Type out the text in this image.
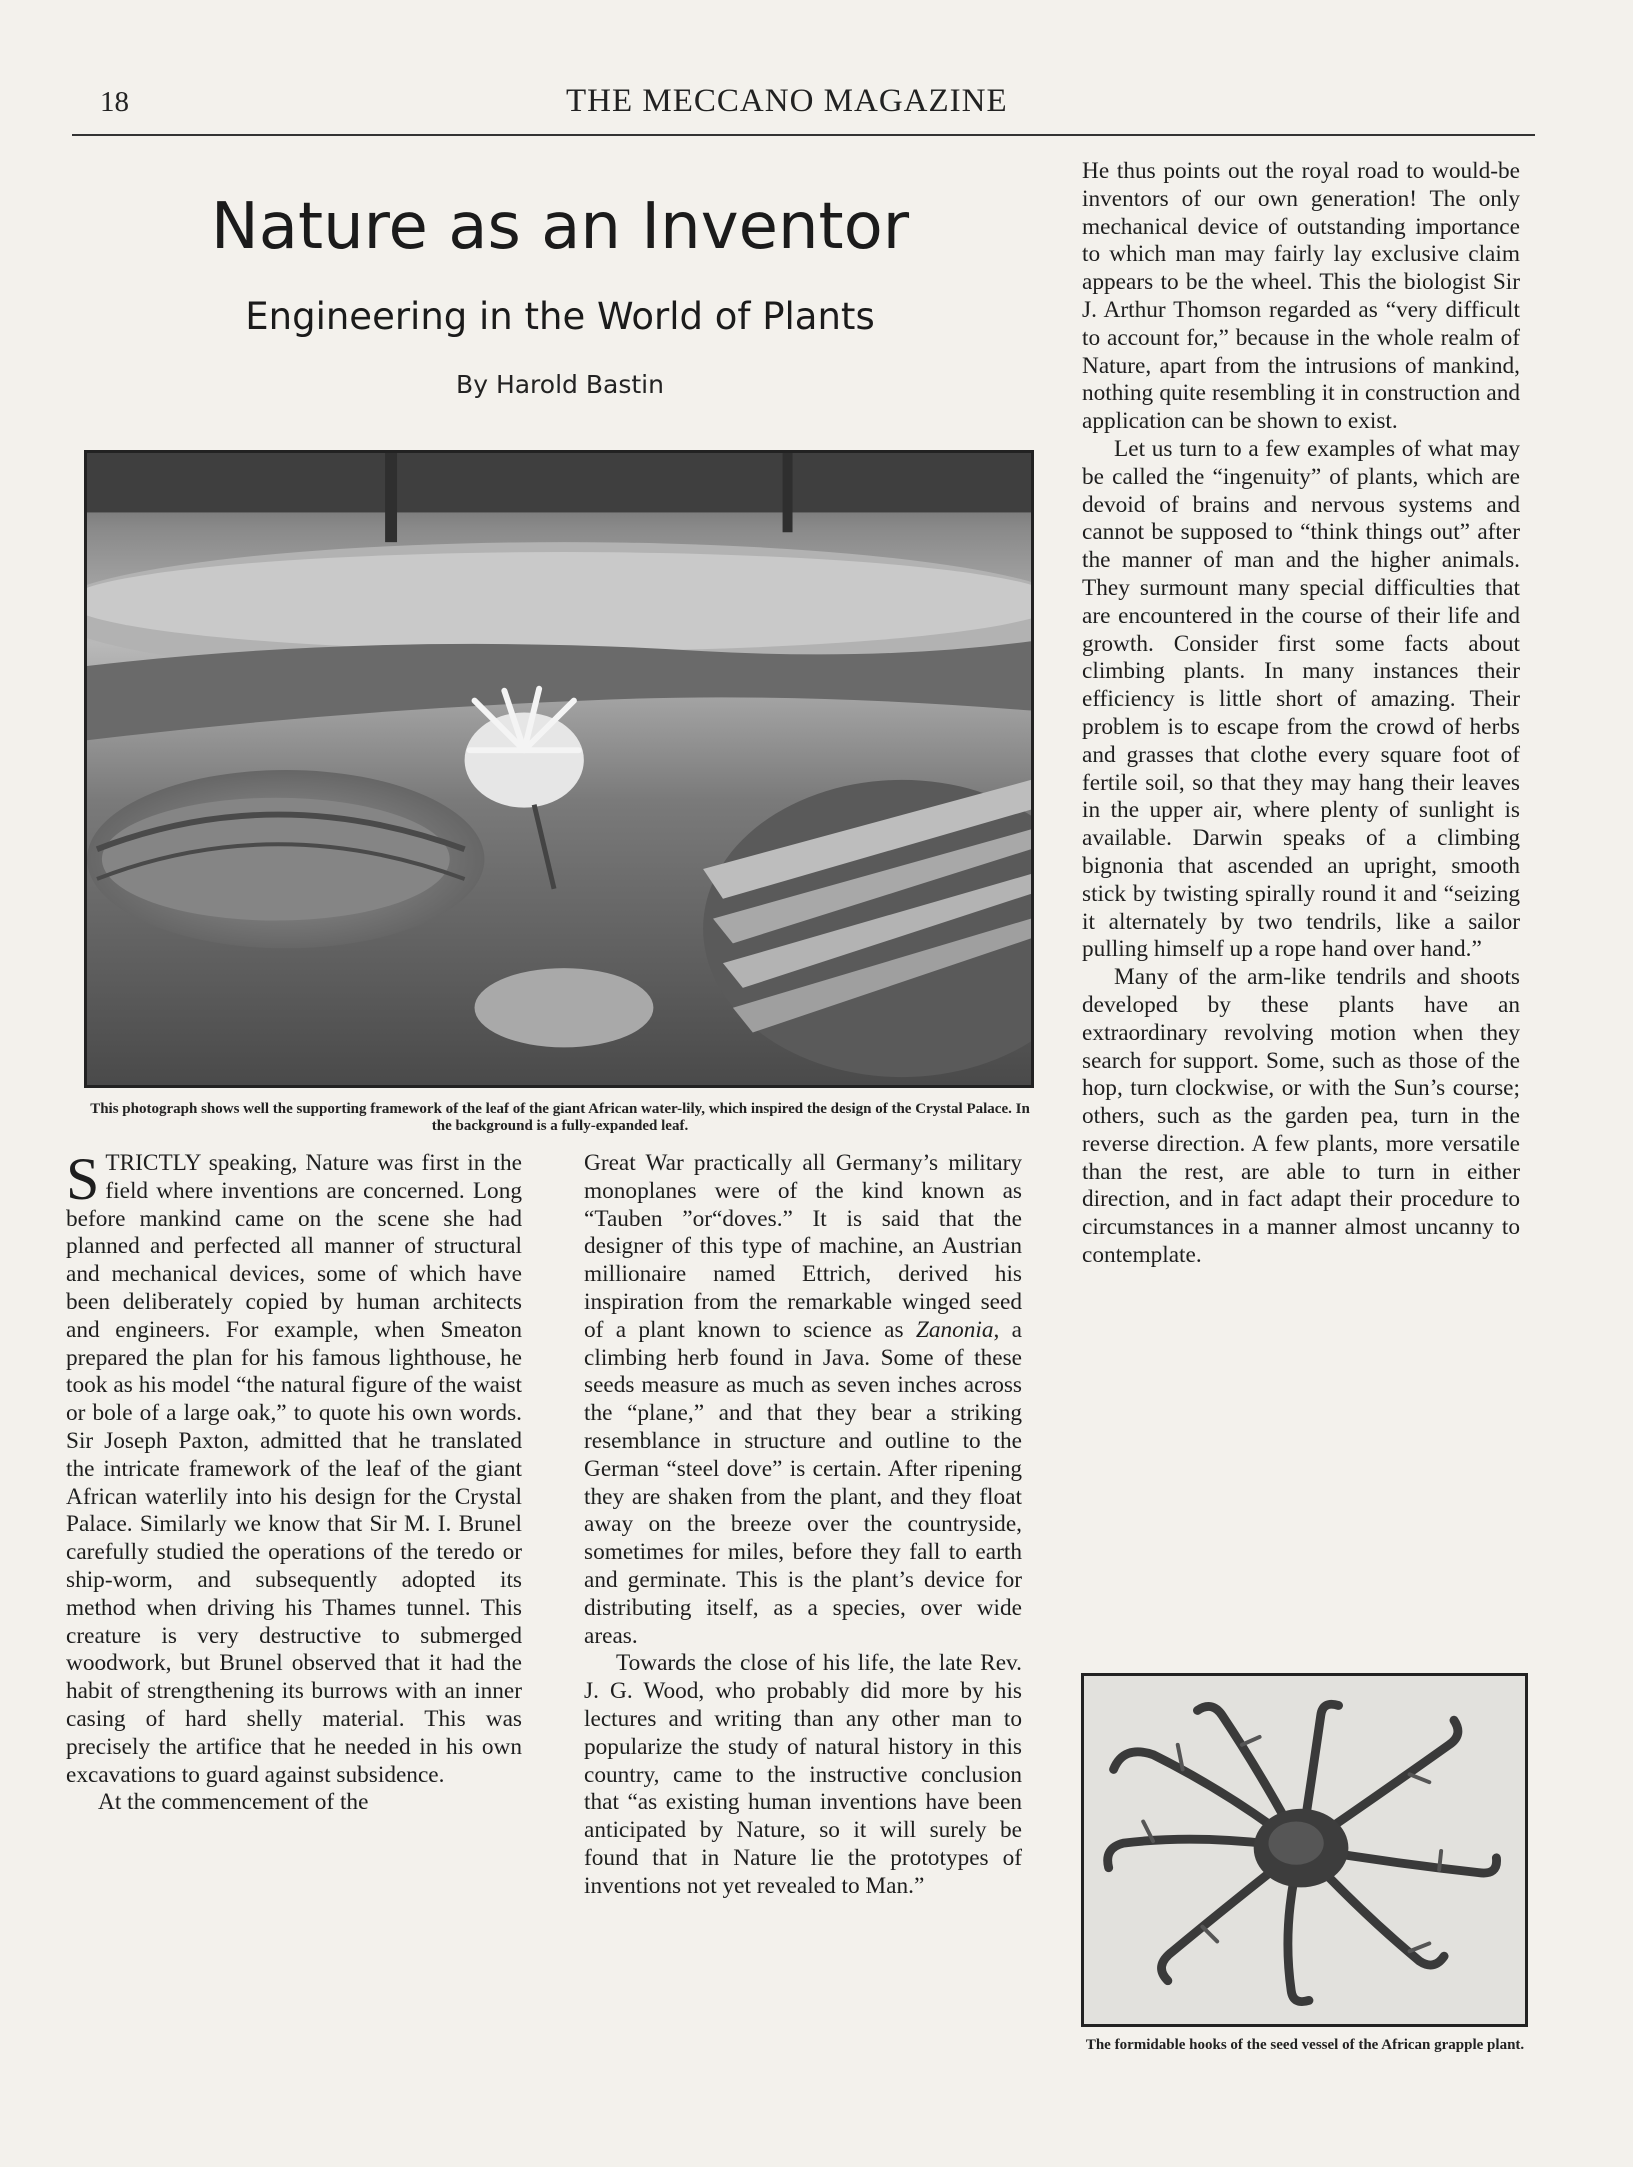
18	THE MECCANO MAGAZINE
Nature as an Inventor
Engineering in the World of Plants
By Harold Bastin
This photograph shows well the supporting framework of the leaf of the giant African water-lily, which inspired the design of the Crystal Palace. In the background is a fully-expanded leaf.

STRICTLY speaking, Nature was first in the field where inventions are concerned. Long before mankind came on the scene she had planned and perfected all manner of structural and mechanical devices, some of which have been deliberately copied by human architects and engineers. For example, when Smeaton prepared the plan for his famous lighthouse, he took as his model “the natural figure of the waist or bole of a large oak,” to quote his own words. Sir Joseph Paxton, admitted that he translated the intricate framework of the leaf of the giant African waterlily into his design for the Crystal Palace. Similarly we know that Sir M. I. Brunel carefully studied the operations of the teredo or ship-worm, and subsequently adopted its method when driving his Thames tunnel. This creature is very destructive to submerged woodwork, but Brunel observed that it had the habit of strengthening its burrows with an inner casing of hard shelly material. This was precisely the artifice that he needed in his own excavations to guard against subsidence.

At the commencement of the

Great War practically all Germany’s military monoplanes were of the kind known as “Tauben ”or“doves.” It is said that the designer of this type of machine, an Austrian millionaire named Ettrich, derived his inspiration from the remarkable winged seed of a plant known to science as Zanonia, a climbing herb found in Java. Some of these seeds measure as much as seven inches across the “plane,” and that they bear a striking resemblance in structure and outline to the German “steel dove” is certain. After ripening they are shaken from the plant, and they float away on the breeze over the countryside, sometimes for miles, before they fall to earth and germinate. This is the plant’s device for distributing itself, as a species, over wide areas.

Towards the close of his life, the late Rev. J. G. Wood, who probably did more by his lectures and writing than any other man to popularize the study of natural history in this country, came to the instructive conclusion that “as existing human inventions have been anticipated by Nature, so it will surely be found that in Nature lie the prototypes of inventions not yet revealed to Man.”

He thus points out the royal road to would-be inventors of our own generation! The only mechanical device of outstanding importance to which man may fairly lay exclusive claim appears to be the wheel. This the biologist Sir J. Arthur Thomson regarded as “very difficult to account for,” because in the whole realm of Nature, apart from the intrusions of mankind, nothing quite resembling it in construction and application can be shown to exist.

Let us turn to a few examples of what may be called the “ingenuity” of plants, which are devoid of brains and nervous systems and cannot be supposed to “think things out” after the manner of man and the higher animals. They surmount many special difficulties that are encountered in the course of their life and growth. Consider first some facts about climbing plants. In many instances their efficiency is little short of amazing. Their problem is to escape from the crowd of herbs and grasses that clothe every square foot of fertile soil, so that they may hang their leaves in the upper air, where plenty of sunlight is available. Darwin speaks of a climbing bignonia that ascended an upright, smooth stick by twisting spirally round it and “seizing it alternately by two tendrils, like a sailor pulling himself up a rope hand over hand.”

Many of the arm-like tendrils and shoots developed by these plants have an extraordinary revolving motion when they search for support. Some, such as those of the hop, turn clockwise, or with the Sun’s course; others, such as the garden pea, turn in the reverse direction. A few plants, more versatile than the rest, are able to turn in either direction, and in fact adapt their procedure to circumstances in a manner almost uncanny to contemplate.

The formidable hooks of the seed vessel of the African grapple plant.
